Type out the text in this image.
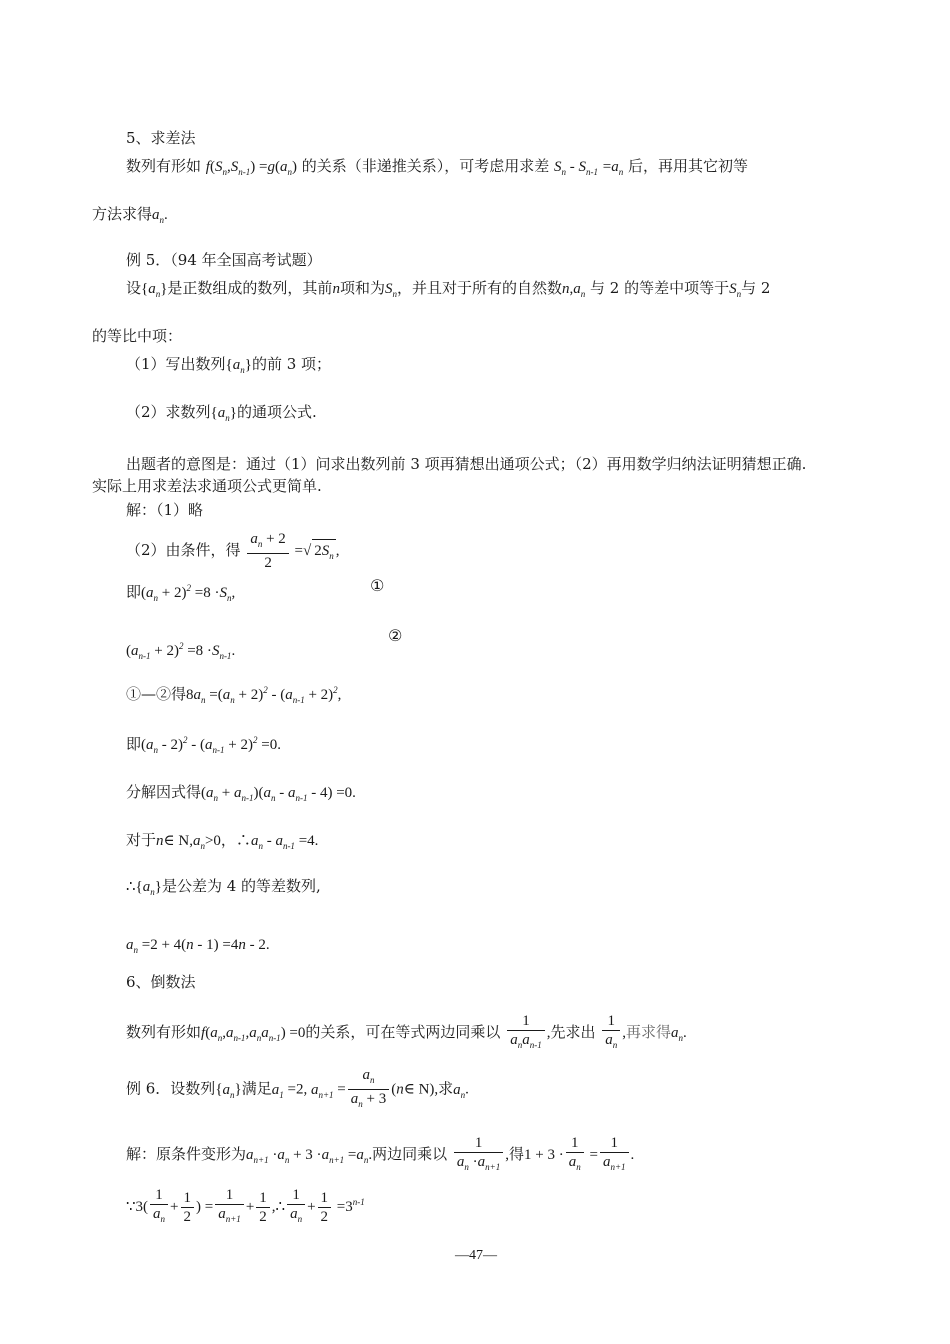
5、求差法
数列有形如 $f(S_n,S_{n-1}) =g(a_n)$ 的关系（非递推关系），可考虑用求差 $S_n - S_{n-1} =a_n$ 后，再用其它初等
方法求得$a_n$.
例 5．（94 年全国高考试题）
设$\{a_n\}$是正数组成的数列，其前n项和为$S_n$，并且对于所有的自然数$n,a_n$ 与 2 的等差中项等于$S_n$与 2
的等比中项：
（1）写出数列$\{a_n\}$的前 3 项；
（2）求数列$\{a_n\}$的通项公式.
出题者的意图是：通过（1）问求出数列前 3 项再猜想出通项公式；（2）再用数学归纳法证明猜想正确.
实际上用求差法求通项公式更简单.
解：（1）略
（2）由条件，得 $\frac{a_n + 2}{2}$ =√ $2S_n$ ,
即$(a_n + 2)^2 =8 \cdot S_n$,	①
$(a_{n-1} + 2)^2 =8 \cdot S_{n-1}$.
②
①—②得$8a_n =(a_n + 2)^2 - (a_{n-1} + 2)^2$,
即$(a_n - 2)^2 - (a_{n-1} + 2)^2 =0$.
分解因式得$(a_n + a_{n-1})(a_n - a_{n-1} - 4) =0$.
对于n∈ $N,a_n>0$，$\therefore a_n - a_{n-1} =4$.
$\therefore\{a_n\}$是公差为 4 的等差数列,
$a_n =2 + 4(n - 1) =4n - 2$.
6、倒数法
数列有形如$f(a_n,a_{n-1},a_na_{n-1}) =0$的关系，可在等式两边同乘以 $\frac{1}{a_na_{n-1}}$ ,先求出 $\frac{1}{a_n}$ ,再求得$a_n$.
例 6．设数列$\{a_n\}$满足$a_1 =2$, $a_{n+1} = \frac{a_n}{a_n + 3}$ (n∈ N),求$a_n$.
解：原条件变形为$a_{n+1} \cdot a_n + 3 \cdot a_{n+1} =a_n$.两边同乘以 $\frac{1}{a_n \cdot a_{n+1}}$ ,得$1 + 3 \cdot \frac{1}{a_n} = \frac{1}{a_{n+1}}$ .
∵3( $\frac{1}{a_n} + \frac{1}{2}$ ) = $\frac{1}{a_{n+1}} + \frac{1}{2}$ ,∴ $\frac{1}{a_n} + \frac{1}{2} =3^{n-1}$
—47—
